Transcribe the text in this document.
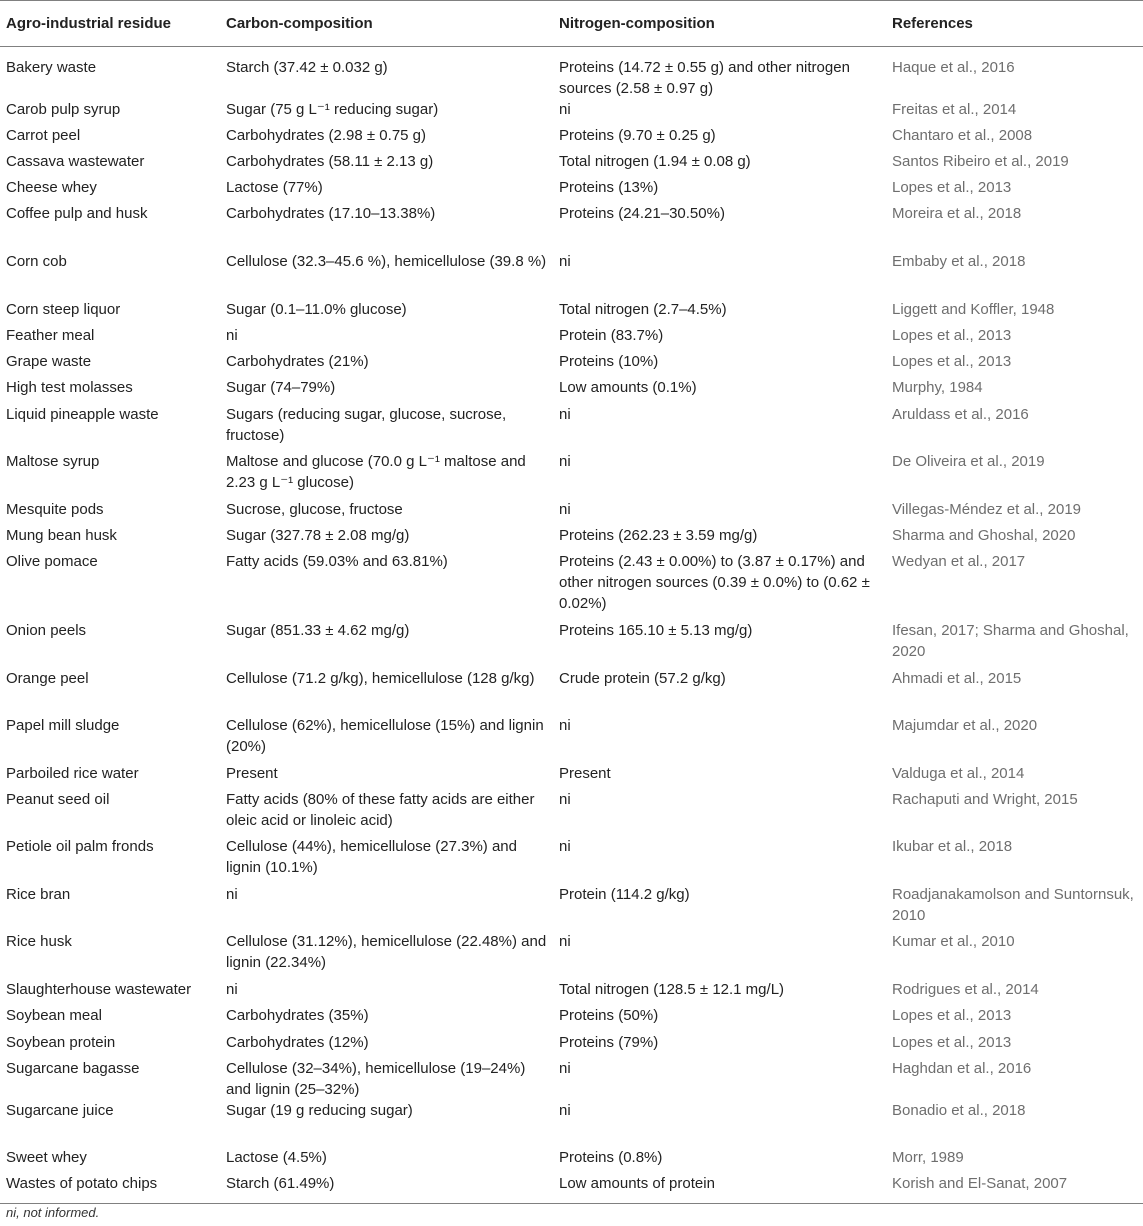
Agro-industrial residue	Carbon-composition	Nitrogen-composition	References
Bakery waste	Starch (37.42 ± 0.032 g)	Proteins (14.72 ± 0.55 g) and other nitrogen sources (2.58 ± 0.97 g)	Haque et al., 2016
Carob pulp syrup	Sugar (75 g L⁻¹ reducing sugar)	ni	Freitas et al., 2014
Carrot peel	Carbohydrates (2.98 ± 0.75 g)	Proteins (9.70 ± 0.25 g)	Chantaro et al., 2008
Cassava wastewater	Carbohydrates (58.11 ± 2.13 g)	Total nitrogen (1.94 ± 0.08 g)	Santos Ribeiro et al., 2019
Cheese whey	Lactose (77%)	Proteins (13%)	Lopes et al., 2013
Coffee pulp and husk	Carbohydrates (17.10–13.38%)	Proteins (24.21–30.50%)	Moreira et al., 2018
Corn cob	Cellulose (32.3–45.6 %), hemicellulose (39.8 %)	ni	Embaby et al., 2018
Corn steep liquor	Sugar (0.1–11.0% glucose)	Total nitrogen (2.7–4.5%)	Liggett and Koffler, 1948
Feather meal	ni	Protein (83.7%)	Lopes et al., 2013
Grape waste	Carbohydrates (21%)	Proteins (10%)	Lopes et al., 2013
High test molasses	Sugar (74–79%)	Low amounts (0.1%)	Murphy, 1984
Liquid pineapple waste	Sugars (reducing sugar, glucose, sucrose, fructose)	ni	Aruldass et al., 2016
Maltose syrup	Maltose and glucose (70.0 g L⁻¹ maltose and 2.23 g L⁻¹ glucose)	ni	De Oliveira et al., 2019
Mesquite pods	Sucrose, glucose, fructose	ni	Villegas-Méndez et al., 2019
Mung bean husk	Sugar (327.78 ± 2.08 mg/g)	Proteins (262.23 ± 3.59 mg/g)	Sharma and Ghoshal, 2020
Olive pomace	Fatty acids (59.03% and 63.81%)	Proteins (2.43 ± 0.00%) to (3.87 ± 0.17%) and other nitrogen sources (0.39 ± 0.0%) to (0.62 ± 0.02%)	Wedyan et al., 2017
Onion peels	Sugar (851.33 ± 4.62 mg/g)	Proteins 165.10 ± 5.13 mg/g)	Ifesan, 2017; Sharma and Ghoshal, 2020
Orange peel	Cellulose (71.2 g/kg), hemicellulose (128 g/kg)	Crude protein (57.2 g/kg)	Ahmadi et al., 2015
Papel mill sludge	Cellulose (62%), hemicellulose (15%) and lignin (20%)	ni	Majumdar et al., 2020
Parboiled rice water	Present	Present	Valduga et al., 2014
Peanut seed oil	Fatty acids (80% of these fatty acids are either oleic acid or linoleic acid)	ni	Rachaputi and Wright, 2015
Petiole oil palm fronds	Cellulose (44%), hemicellulose (27.3%) and lignin (10.1%)	ni	Ikubar et al., 2018
Rice bran	ni	Protein (114.2 g/kg)	Roadjanakamolson and Suntornsuk, 2010
Rice husk	Cellulose (31.12%), hemicellulose (22.48%) and lignin (22.34%)	ni	Kumar et al., 2010
Slaughterhouse wastewater	ni	Total nitrogen (128.5 ± 12.1 mg/L)	Rodrigues et al., 2014
Soybean meal	Carbohydrates (35%)	Proteins (50%)	Lopes et al., 2013
Soybean protein	Carbohydrates (12%)	Proteins (79%)	Lopes et al., 2013
Sugarcane bagasse	Cellulose (32–34%), hemicellulose (19–24%) and lignin (25–32%)	ni	Haghdan et al., 2016
Sugarcane juice	Sugar (19 g reducing sugar)	ni	Bonadio et al., 2018
Sweet whey	Lactose (4.5%)	Proteins (0.8%)	Morr, 1989
Wastes of potato chips	Starch (61.49%)	Low amounts of protein	Korish and El-Sanat, 2007
ni, not informed.
